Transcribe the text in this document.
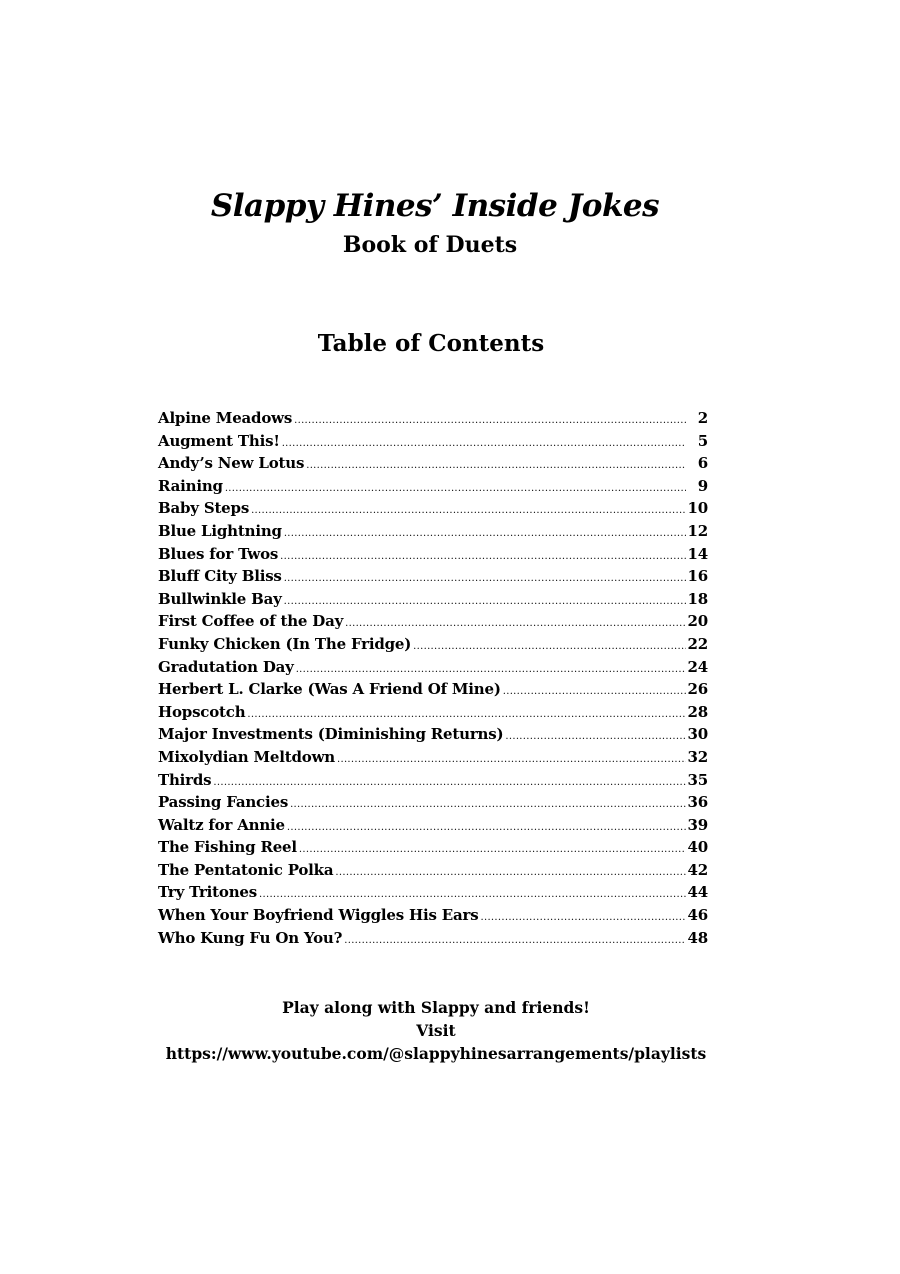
Slappy Hines’ Inside Jokes
Book of Duets
Table of Contents
Alpine Meadows .....	2
Augment This! .....	5
Andy’s New Lotus .....	6
Raining .....	9
Baby Steps .....	10
Blue Lightning .....	12
Blues for Twos .....	14
Bluff City Bliss .....	16
Bullwinkle Bay .....	18
First Coffee of the Day .....	20
Funky Chicken (In The Fridge) .....	22
Gradutation Day .....	24
Herbert L. Clarke (Was A Friend Of Mine) .....	26
Hopscotch .....	28
Major Investments (Diminishing Returns) .....	30
Mixolydian Meltdown .....	32
Thirds .....	35
Passing Fancies .....	36
Waltz for Annie .....	39
The Fishing Reel .....	40
The Pentatonic Polka .....	42
Try Tritones .....	44
When Your Boyfriend Wiggles His Ears .....	46
Who Kung Fu On You? .....	48
Play along with Slappy and friends!
Visit
https://www.youtube.com/@slappyhinesarrangements/playlists
